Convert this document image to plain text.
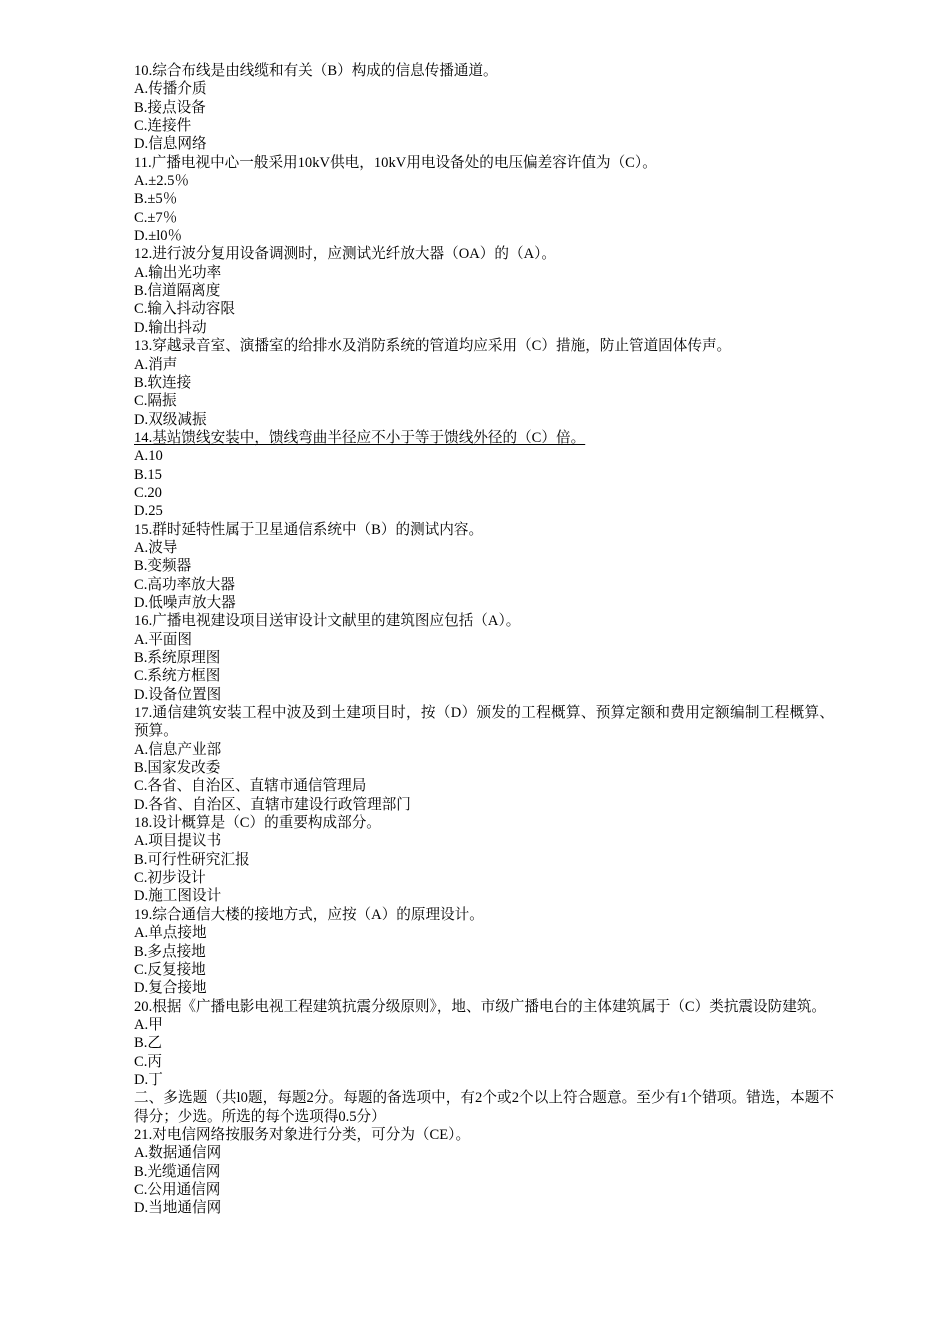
10.综合布线是由线缆和有关（B）构成的信息传播通道。
A.传播介质
B.接点设备
C.连接件
D.信息网络
11.广播电视中心一般采用10kV供电，10kV用电设备处的电压偏差容许值为（C）。
A.±2.5％
B.±5％
C.±7％
D.±l0％
12.进行波分复用设备调测时，应测试光纤放大器（OA）的（A）。
A.输出光功率
B.信道隔离度
C.输入抖动容限
D.输出抖动
13.穿越录音室、演播室的给排水及消防系统的管道均应采用（C）措施，防止管道固体传声。
A.消声
B.软连接
C.隔振
D.双级减振
14.基站馈线安装中，馈线弯曲半径应不小于等于馈线外径的（C）倍。
A.10
B.15
C.20
D.25
15.群时延特性属于卫星通信系统中（B）的测试内容。
A.波导
B.变频器
C.高功率放大器
D.低噪声放大器
16.广播电视建设项目送审设计文献里的建筑图应包括（A）。
A.平面图
B.系统原理图
C.系统方框图
D.设备位置图
17.通信建筑安装工程中波及到土建项目时，按（D）颁发的工程概算、预算定额和费用定额编制工程概算、预算。
A.信息产业部
B.国家发改委
C.各省、自治区、直辖市通信管理局
D.各省、自治区、直辖市建设行政管理部门
18.设计概算是（C）的重要构成部分。
A.项目提议书
B.可行性研究汇报
C.初步设计
D.施工图设计
19.综合通信大楼的接地方式，应按（A）的原理设计。
A.单点接地
B.多点接地
C.反复接地
D.复合接地
20.根据《广播电影电视工程建筑抗震分级原则》，地、市级广播电台的主体建筑属于（C）类抗震设防建筑。
A.甲
B.乙
C.丙
D.丁
二、多选题（共l0题，每题2分。每题的备选项中，有2个或2个以上符合题意。至少有1个错项。错选，本题不得分；少选。所选的每个选项得0.5分）
21.对电信网络按服务对象进行分类，可分为（CE）。
A.数据通信网
B.光缆通信网
C.公用通信网
D.当地通信网
